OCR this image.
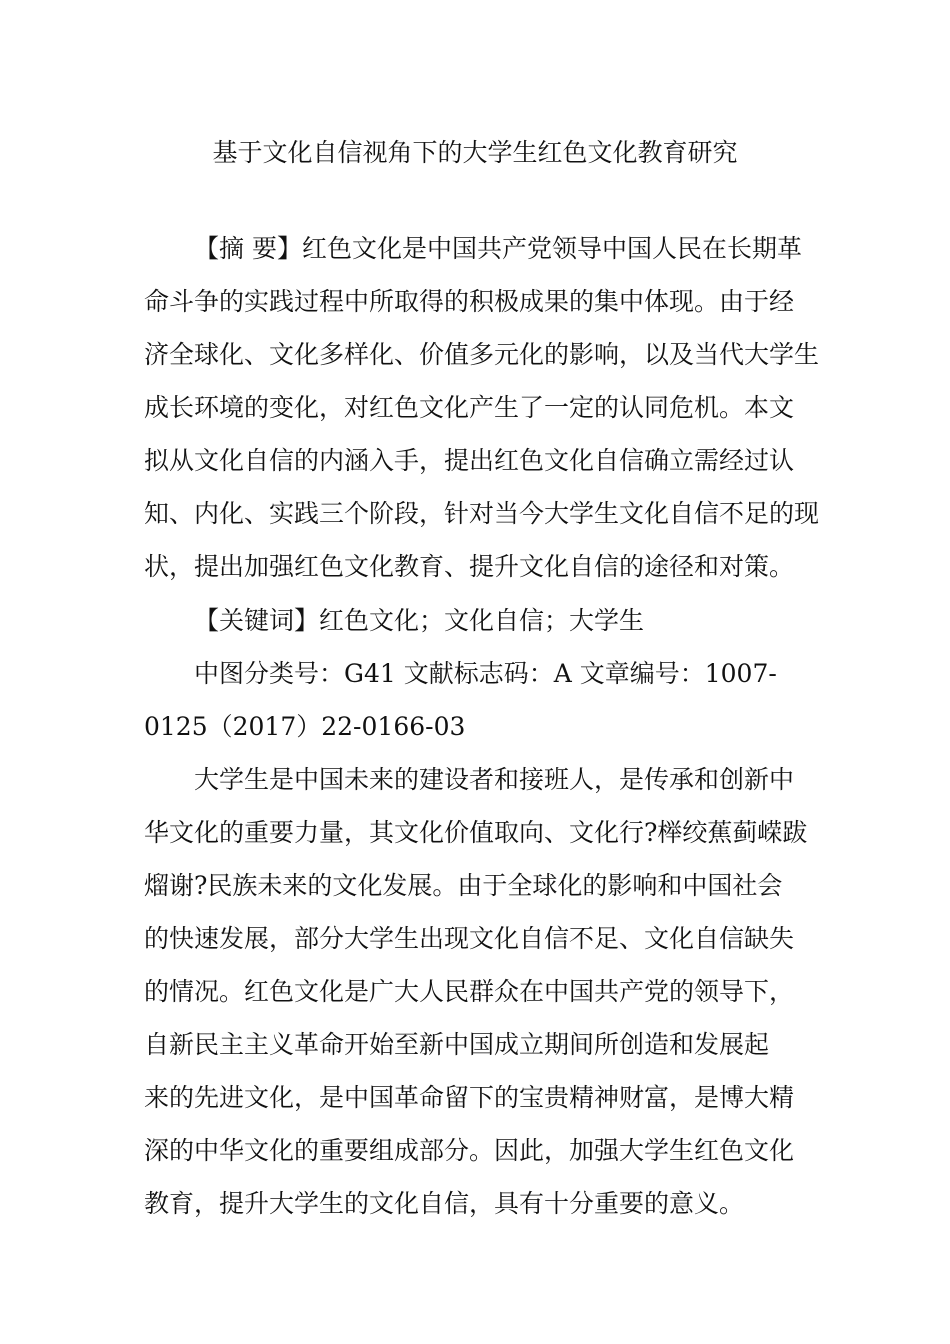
基于文化自信视角下的大学生红色文化教育研究
【摘 要】红色文化是中国共产党领导中国人民在长期革
命斗争的实践过程中所取得的积极成果的集中体现。由于经
济全球化、文化多样化、价值多元化的影响，以及当代大学生
成长环境的变化，对红色文化产生了一定的认同危机。本文
拟从文化自信的内涵入手，提出红色文化自信确立需经过认
知、内化、实践三个阶段，针对当今大学生文化自信不足的现
状，提出加强红色文化教育、提升文化自信的途径和对策。
【关键词】红色文化；文化自信；大学生
中图分类号：G41 文献标志码：A 文章编号：1007-
0125（2017）22-0166-03
大学生是中国未来的建设者和接班人，是传承和创新中
华文化的重要力量，其文化价值取向、文化行?榉绞蕉蓟嵘跋
熘谢?民族未来的文化发展。由于全球化的影响和中国社会
的快速发展，部分大学生出现文化自信不足、文化自信缺失
的情况。红色文化是广大人民群众在中国共产党的领导下，
自新民主主义革命开始至新中国成立期间所创造和发展起
来的先进文化，是中国革命留下的宝贵精神财富，是博大精
深的中华文化的重要组成部分。因此，加强大学生红色文化
教育，提升大学生的文化自信，具有十分重要的意义。
